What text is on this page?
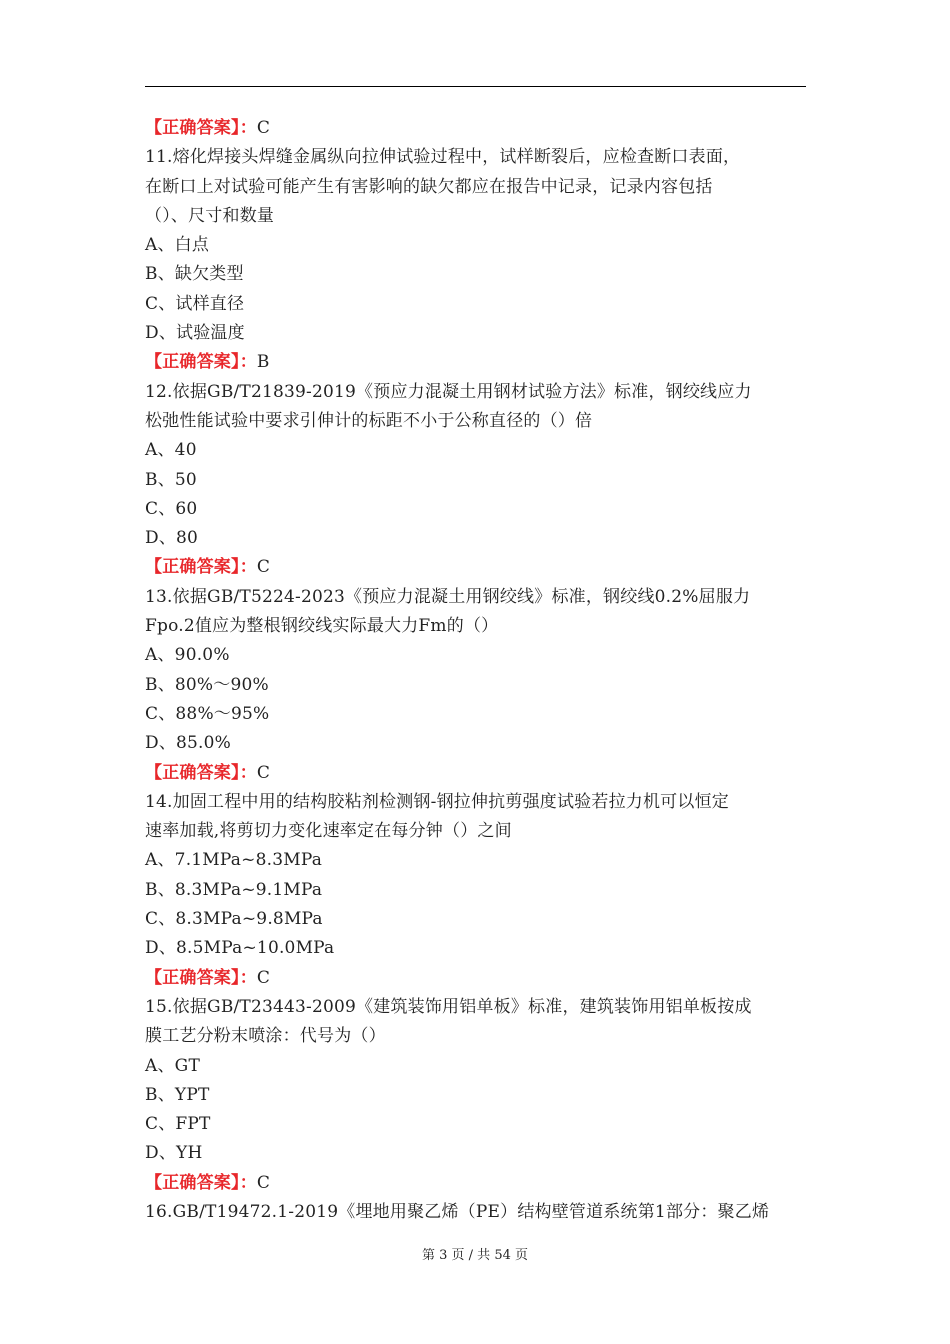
【正确答案】：C
11.熔化焊接头焊缝金属纵向拉伸试验过程中，试样断裂后，应检查断口表面，
在断口上对试验可能产生有害影响的缺欠都应在报告中记录，记录内容包括
（）、尺寸和数量
A、白点
B、缺欠类型
C、试样直径
D、试验温度
【正确答案】：B
12.依据GB/T21839-2019《预应力混凝土用钢材试验方法》标准，钢绞线应力
松弛性能试验中要求引伸计的标距不小于公称直径的（）倍
A、40
B、50
C、60
D、80
【正确答案】：C
13.依据GB/T5224-2023《预应力混凝土用钢绞线》标准，钢绞线0.2%屈服力
Fpo.2值应为整根钢绞线实际最大力Fm的（）
A、90.0%
B、80%～90%
C、88%～95%
D、85.0%
【正确答案】：C
14.加固工程中用的结构胶粘剂检测钢-钢拉伸抗剪强度试验若拉力机可以恒定
速率加载,将剪切力变化速率定在每分钟（）之间
A、7.1MPa~8.3MPa
B、8.3MPa~9.1MPa
C、8.3MPa~9.8MPa
D、8.5MPa~10.0MPa
【正确答案】：C
15.依据GB/T23443-2009《建筑装饰用铝单板》标准，建筑装饰用铝单板按成
膜工艺分粉末喷涂：代号为（）
A、GT
B、YPT
C、FPT
D、YH
【正确答案】：C
16.GB/T19472.1-2019《埋地用聚乙烯（PE）结构壁管道系统第1部分：聚乙烯
第 3 页 / 共 54 页
